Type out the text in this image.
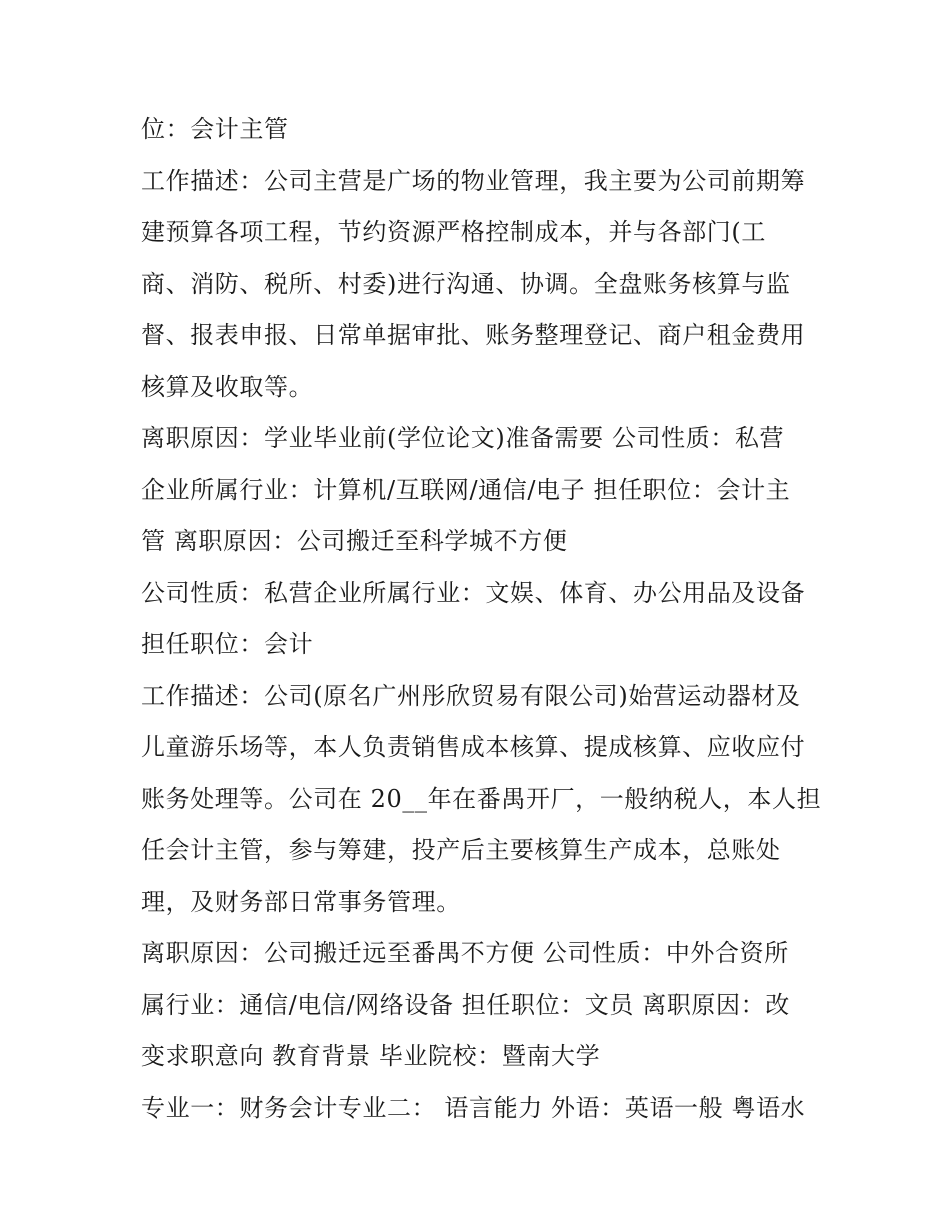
位：会计主管
工作描述：公司主营是广场的物业管理，我主要为公司前期筹
建预算各项工程，节约资源严格控制成本，并与各部门(工
商、消防、税所、村委)进行沟通、协调。全盘账务核算与监
督、报表申报、日常单据审批、账务整理登记、商户租金费用
核算及收取等。
离职原因：学业毕业前(学位论文)准备需要 公司性质：私营
企业所属行业：计算机/互联网/通信/电子 担任职位：会计主
管 离职原因：公司搬迁至科学城不方便
公司性质：私营企业所属行业：文娱、体育、办公用品及设备
担任职位：会计
工作描述：公司(原名广州彤欣贸易有限公司)始营运动器材及
儿童游乐场等，本人负责销售成本核算、提成核算、应收应付
账务处理等。公司在 20__年在番禺开厂，一般纳税人，本人担
任会计主管，参与筹建，投产后主要核算生产成本，总账处
理，及财务部日常事务管理。
离职原因：公司搬迁远至番禺不方便 公司性质：中外合资所
属行业：通信/电信/网络设备 担任职位：文员 离职原因：改
变求职意向 教育背景 毕业院校：暨南大学
专业一：财务会计专业二： 语言能力 外语：英语一般 粤语水
